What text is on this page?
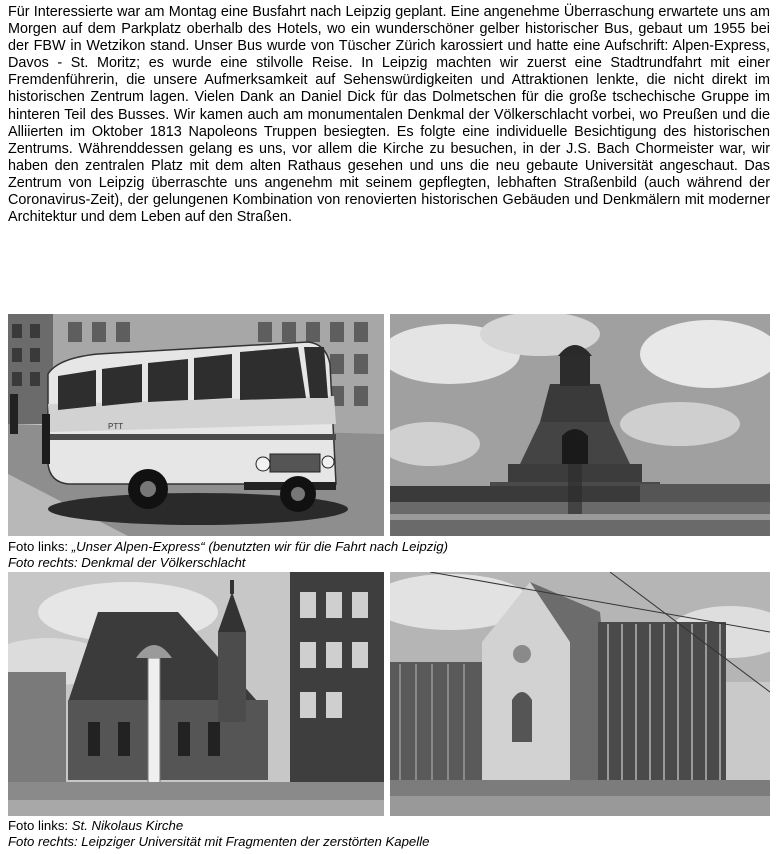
Für Interessierte war am Montag eine Busfahrt nach Leipzig geplant. Eine angenehme Überraschung erwartete uns am Morgen auf dem Parkplatz oberhalb des Hotels, wo ein wunderschöner gelber historischer Bus, gebaut um 1955 bei der FBW in Wetzikon stand. Unser Bus wurde von Tüscher Zürich karossiert und hatte eine Aufschrift: Alpen-Express, Davos - St. Moritz; es wurde eine stilvolle Reise. In Leipzig machten wir zuerst eine Stadtrundfahrt mit einer Fremdenführerin, die unsere Aufmerksamkeit auf Sehenswürdigkeiten und Attraktionen lenkte, die nicht direkt im historischen Zentrum lagen. Vielen Dank an Daniel Dick für das Dolmetschen für die große tschechische Gruppe im hinteren Teil des Busses. Wir kamen auch am monumentalen Denkmal der Völkerschlacht vorbei, wo Preußen und die Alliierten im Oktober 1813 Napoleons Truppen besiegten. Es folgte eine individuelle Besichtigung des historischen Zentrums. Währenddessen gelang es uns, vor allem die Kirche zu besuchen, in der J.S. Bach Chormeister war, wir haben den zentralen Platz mit dem alten Rathaus gesehen und uns die neu gebaute Universität angeschaut. Das Zentrum von Leipzig überraschte uns angenehm mit seinem gepflegten, lebhaften Straßenbild (auch während der Coronavirus-Zeit), der gelungenen Kombination von renovierten historischen Gebäuden und Denkmälern mit moderner Architektur und dem Leben auf den Straßen.

PTT

Foto links: „Unser Alpen-Express“ (benutzten wir für die Fahrt nach Leipzig)

Foto rechts: Denkmal der Völkerschlacht

Foto links: St. Nikolaus Kirche

Foto rechts: Leipziger Universität mit Fragmenten der zerstörten Kapelle
